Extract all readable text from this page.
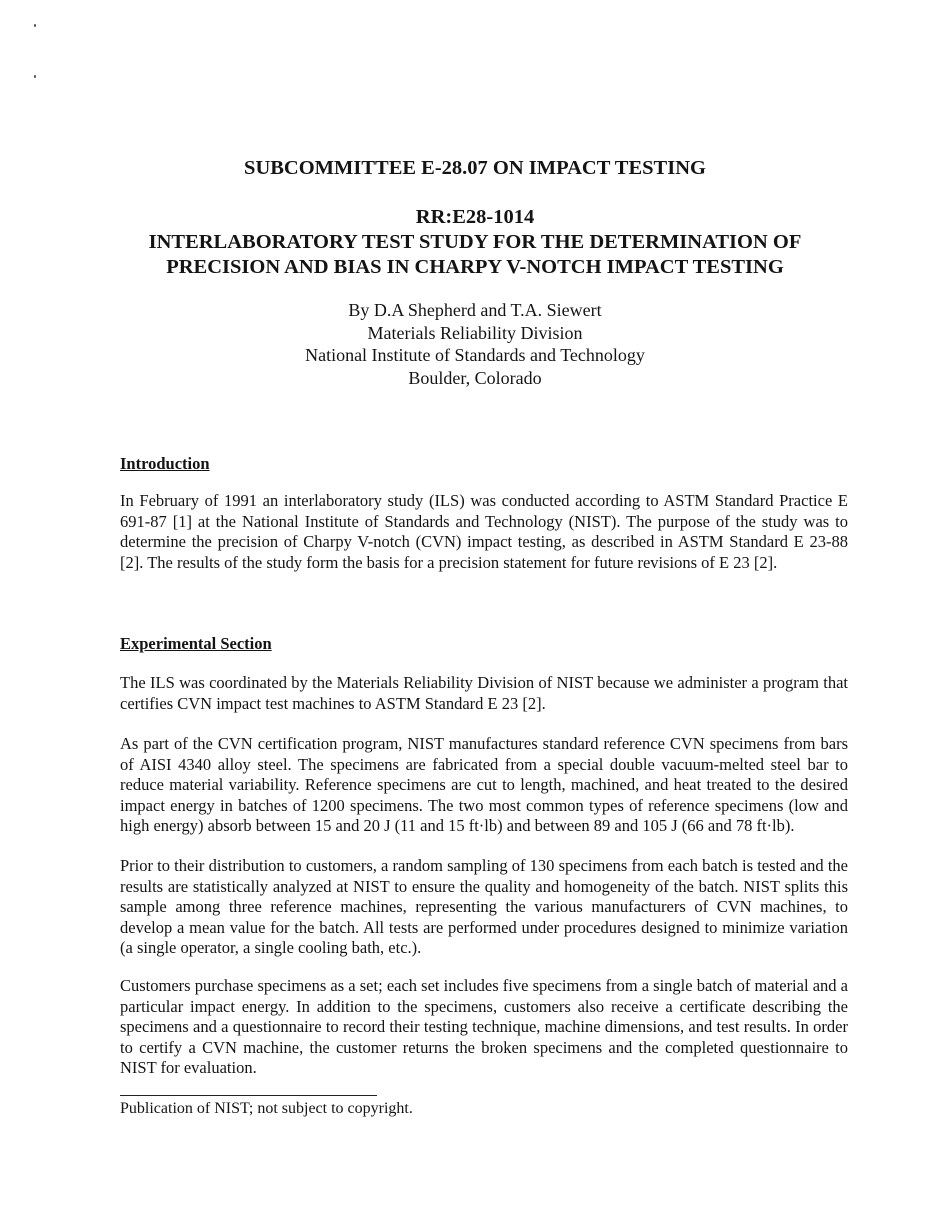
SUBCOMMITTEE E-28.07 ON IMPACT TESTING
RR:E28-1014
INTERLABORATORY TEST STUDY FOR THE DETERMINATION OF
PRECISION AND BIAS IN CHARPY V-NOTCH IMPACT TESTING
By D.A Shepherd and T.A. Siewert
Materials Reliability Division
National Institute of Standards and Technology
Boulder, Colorado
Introduction

In February of 1991 an interlaboratory study (ILS) was conducted according to ASTM Standard Practice E 691-87 [1] at the National Institute of Standards and Technology (NIST). The purpose of the study was to determine the precision of Charpy V-notch (CVN) impact testing, as described in ASTM Standard E 23-88 [2]. The results of the study form the basis for a precision statement for future revisions of E 23 [2].

Experimental Section

The ILS was coordinated by the Materials Reliability Division of NIST because we administer a program that certifies CVN impact test machines to ASTM Standard E 23 [2].

As part of the CVN certification program, NIST manufactures standard reference CVN specimens from bars of AISI 4340 alloy steel. The specimens are fabricated from a special double vacuum-melted steel bar to reduce material variability. Reference specimens are cut to length, machined, and heat treated to the desired impact energy in batches of 1200 specimens. The two most common types of reference specimens (low and high energy) absorb between 15 and 20 J (11 and 15 ft·lb) and between 89 and 105 J (66 and 78 ft·lb).

Prior to their distribution to customers, a random sampling of 130 specimens from each batch is tested and the results are statistically analyzed at NIST to ensure the quality and homogeneity of the batch. NIST splits this sample among three reference machines, representing the various manufacturers of CVN machines, to develop a mean value for the batch. All tests are performed under procedures designed to minimize variation (a single operator, a single cooling bath, etc.).

Customers purchase specimens as a set; each set includes five specimens from a single batch of material and a particular impact energy. In addition to the specimens, customers also receive a certificate describing the specimens and a questionnaire to record their testing technique, machine dimensions, and test results. In order to certify a CVN machine, the customer returns the broken specimens and the completed questionnaire to NIST for evaluation.

Publication of NIST; not subject to copyright.
